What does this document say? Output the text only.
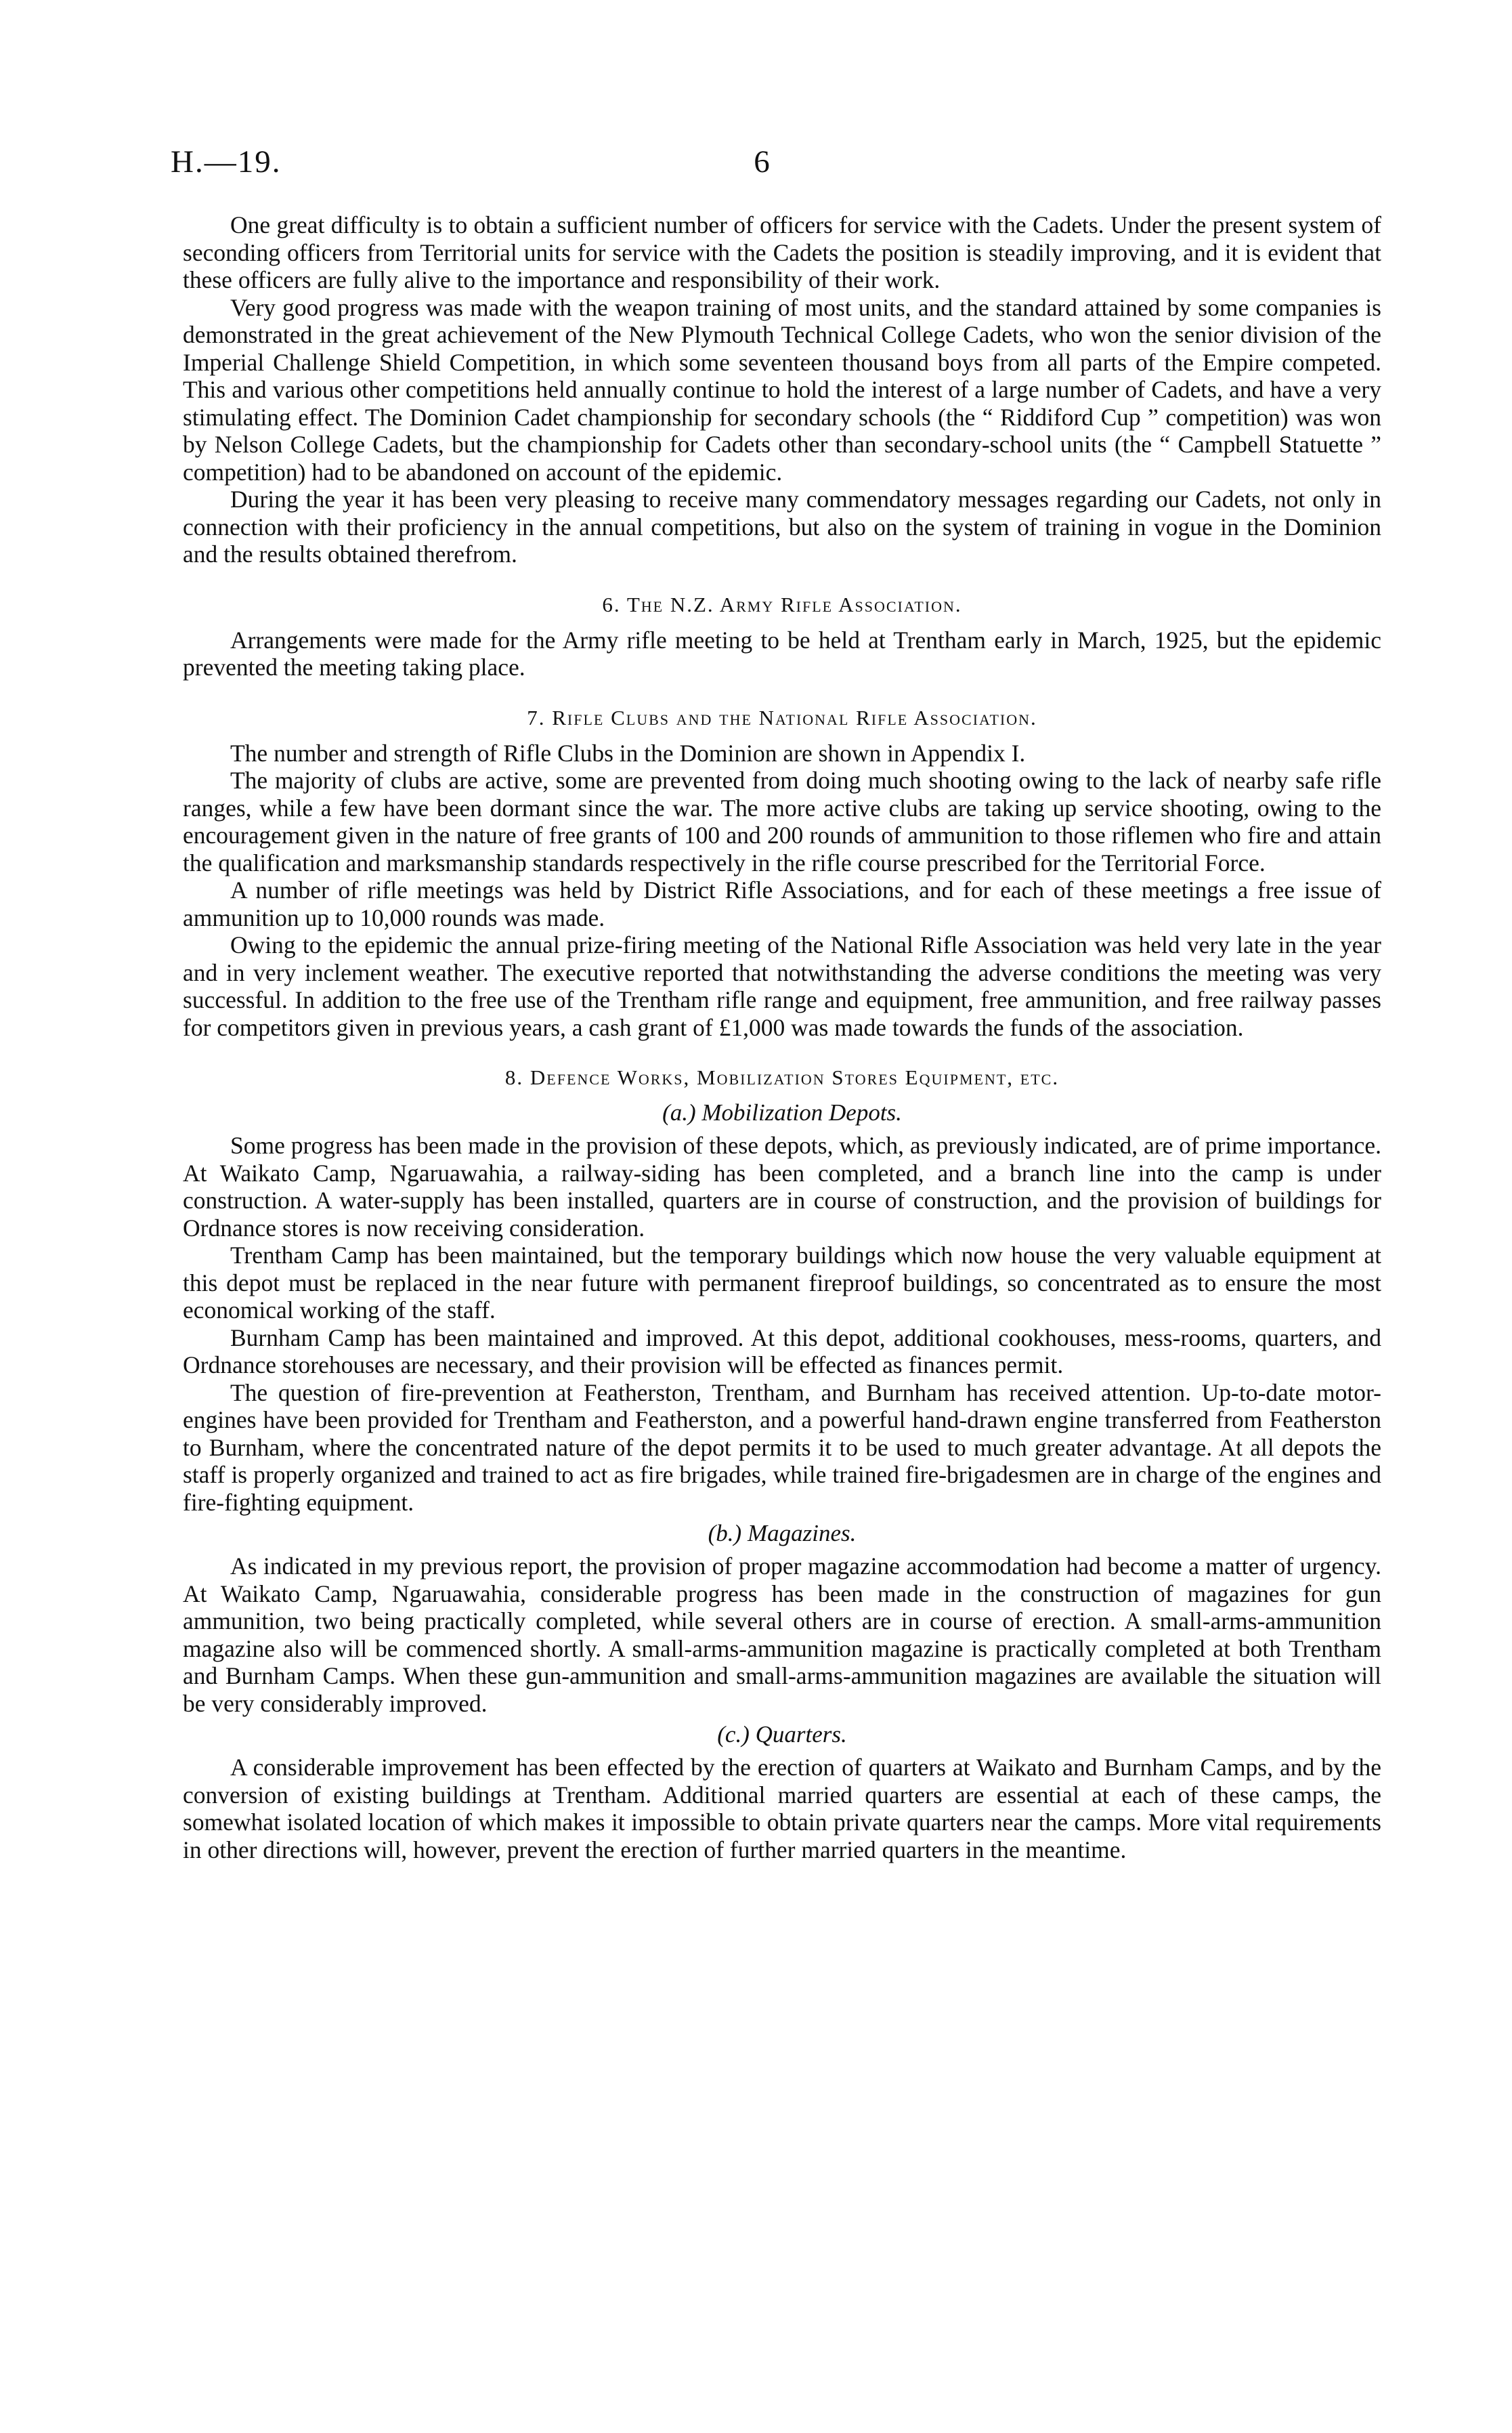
H.—19.	6

One great difficulty is to obtain a sufficient number of officers for service with the Cadets. Under the present system of seconding officers from Territorial units for service with the Cadets the position is steadily improving, and it is evident that these officers are fully alive to the importance and responsibility of their work.

Very good progress was made with the weapon training of most units, and the standard attained by some companies is demonstrated in the great achievement of the New Plymouth Technical College Cadets, who won the senior division of the Imperial Challenge Shield Competition, in which some seventeen thousand boys from all parts of the Empire competed. This and various other competitions held annually continue to hold the interest of a large number of Cadets, and have a very stimulating effect. The Dominion Cadet championship for secondary schools (the “ Riddiford Cup ” competition) was won by Nelson College Cadets, but the championship for Cadets other than secondary-school units (the “ Campbell Statuette ” competition) had to be abandoned on account of the epidemic.

During the year it has been very pleasing to receive many commendatory messages regarding our Cadets, not only in connection with their proficiency in the annual competitions, but also on the system of training in vogue in the Dominion and the results obtained therefrom.

6. The N.Z. Army Rifle Association.

Arrangements were made for the Army rifle meeting to be held at Trentham early in March, 1925, but the epidemic prevented the meeting taking place.

7. Rifle Clubs and the National Rifle Association.

The number and strength of Rifle Clubs in the Dominion are shown in Appendix I.

The majority of clubs are active, some are prevented from doing much shooting owing to the lack of nearby safe rifle ranges, while a few have been dormant since the war. The more active clubs are taking up service shooting, owing to the encouragement given in the nature of free grants of 100 and 200 rounds of ammunition to those riflemen who fire and attain the qualification and marksmanship standards respectively in the rifle course prescribed for the Territorial Force.

A number of rifle meetings was held by District Rifle Associations, and for each of these meetings a free issue of ammunition up to 10,000 rounds was made.

Owing to the epidemic the annual prize-firing meeting of the National Rifle Association was held very late in the year and in very inclement weather. The executive reported that notwithstanding the adverse conditions the meeting was very successful. In addition to the free use of the Trentham rifle range and equipment, free ammunition, and free railway passes for competitors given in previous years, a cash grant of £1,000 was made towards the funds of the association.

8. Defence Works, Mobilization Stores Equipment, etc.
(a.) Mobilization Depots.

Some progress has been made in the provision of these depots, which, as previously indicated, are of prime importance. At Waikato Camp, Ngaruawahia, a railway-siding has been completed, and a branch line into the camp is under construction. A water-supply has been installed, quarters are in course of construction, and the provision of buildings for Ordnance stores is now receiving consideration.

Trentham Camp has been maintained, but the temporary buildings which now house the very valuable equipment at this depot must be replaced in the near future with permanent fireproof buildings, so concentrated as to ensure the most economical working of the staff.

Burnham Camp has been maintained and improved. At this depot, additional cookhouses, mess-rooms, quarters, and Ordnance storehouses are necessary, and their provision will be effected as finances permit.

The question of fire-prevention at Featherston, Trentham, and Burnham has received attention. Up-to-date motor-engines have been provided for Trentham and Featherston, and a powerful hand-drawn engine transferred from Featherston to Burnham, where the concentrated nature of the depot permits it to be used to much greater advantage. At all depots the staff is properly organized and trained to act as fire brigades, while trained fire-brigadesmen are in charge of the engines and fire-fighting equipment.

(b.) Magazines.

As indicated in my previous report, the provision of proper magazine accommodation had become a matter of urgency. At Waikato Camp, Ngaruawahia, considerable progress has been made in the construction of magazines for gun ammunition, two being practically completed, while several others are in course of erection. A small-arms-ammunition magazine also will be commenced shortly. A small-arms-ammunition magazine is practically completed at both Trentham and Burnham Camps. When these gun-ammunition and small-arms-ammunition magazines are available the situation will be very considerably improved.

(c.) Quarters.

A considerable improvement has been effected by the erection of quarters at Waikato and Burnham Camps, and by the conversion of existing buildings at Trentham. Additional married quarters are essential at each of these camps, the somewhat isolated location of which makes it impossible to obtain private quarters near the camps. More vital requirements in other directions will, however, prevent the erection of further married quarters in the meantime.
